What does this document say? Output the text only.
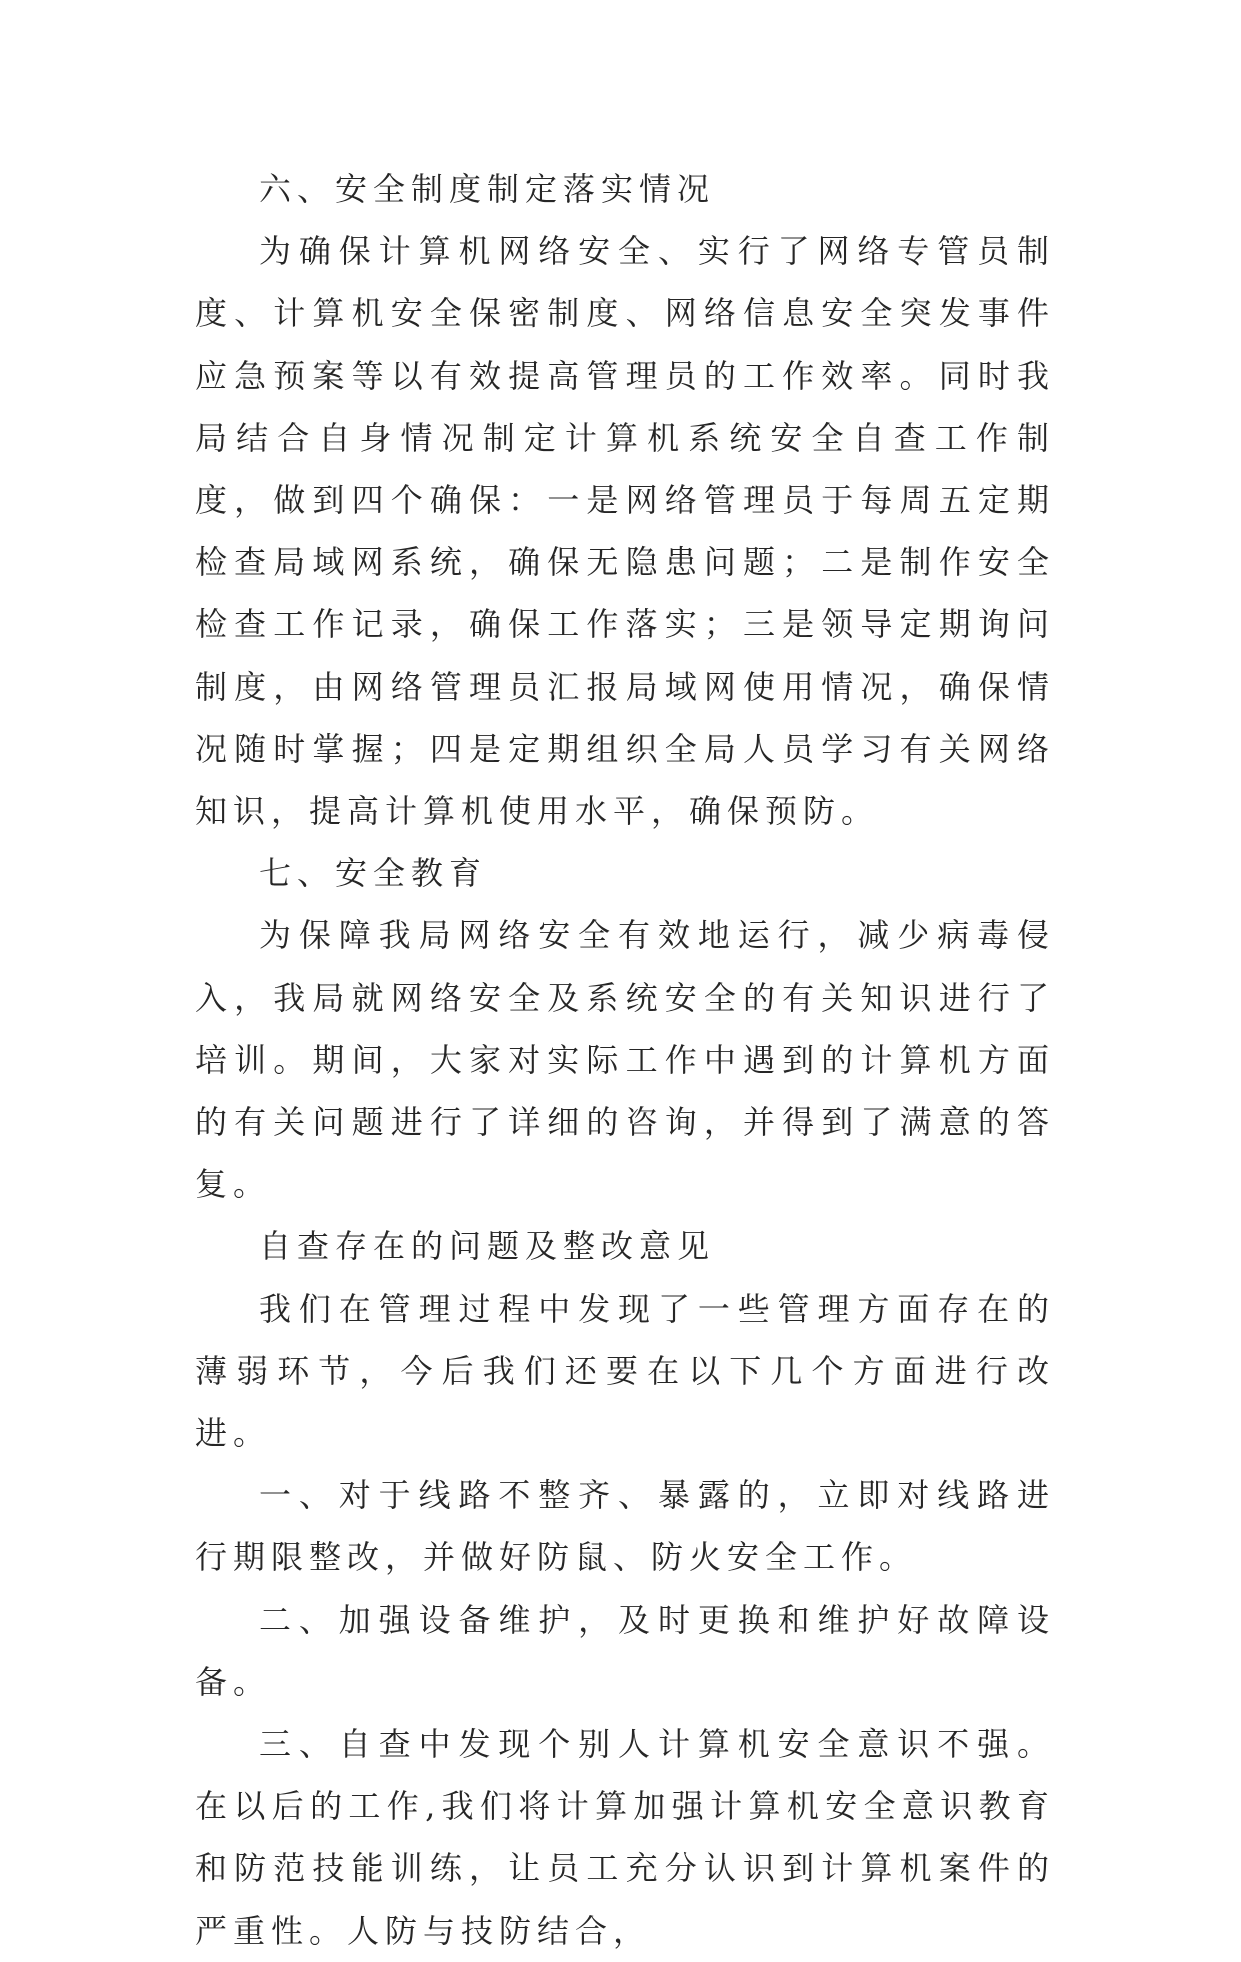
六、安全制度制定落实情况

为确保计算机网络安全、实行了网络专管员制度、计算机安全保密制度、网络信息安全突发事件应急预案等以有效提高管理员的工作效率。同时我局结合自身情况制定计算机系统安全自查工作制度，做到四个确保：一是网络管理员于每周五定期检查局域网系统，确保无隐患问题；二是制作安全检查工作记录，确保工作落实；三是领导定期询问制度，由网络管理员汇报局域网使用情况，确保情况随时掌握；四是定期组织全局人员学习有关网络知识，提高计算机使用水平，确保预防。

七、安全教育

为保障我局网络安全有效地运行，减少病毒侵入，我局就网络安全及系统安全的有关知识进行了培训。期间，大家对实际工作中遇到的计算机方面的有关问题进行了详细的咨询，并得到了满意的答复。

自查存在的问题及整改意见

我们在管理过程中发现了一些管理方面存在的薄弱环节，今后我们还要在以下几个方面进行改进。

一、对于线路不整齐、暴露的，立即对线路进行期限整改，并做好防鼠、防火安全工作。

二、加强设备维护，及时更换和维护好故障设备。

三、自查中发现个别人计算机安全意识不强。在以后的工作,我们将计算加强计算机安全意识教育和防范技能训练，让员工充分认识到计算机案件的严重性。人防与技防结合，
